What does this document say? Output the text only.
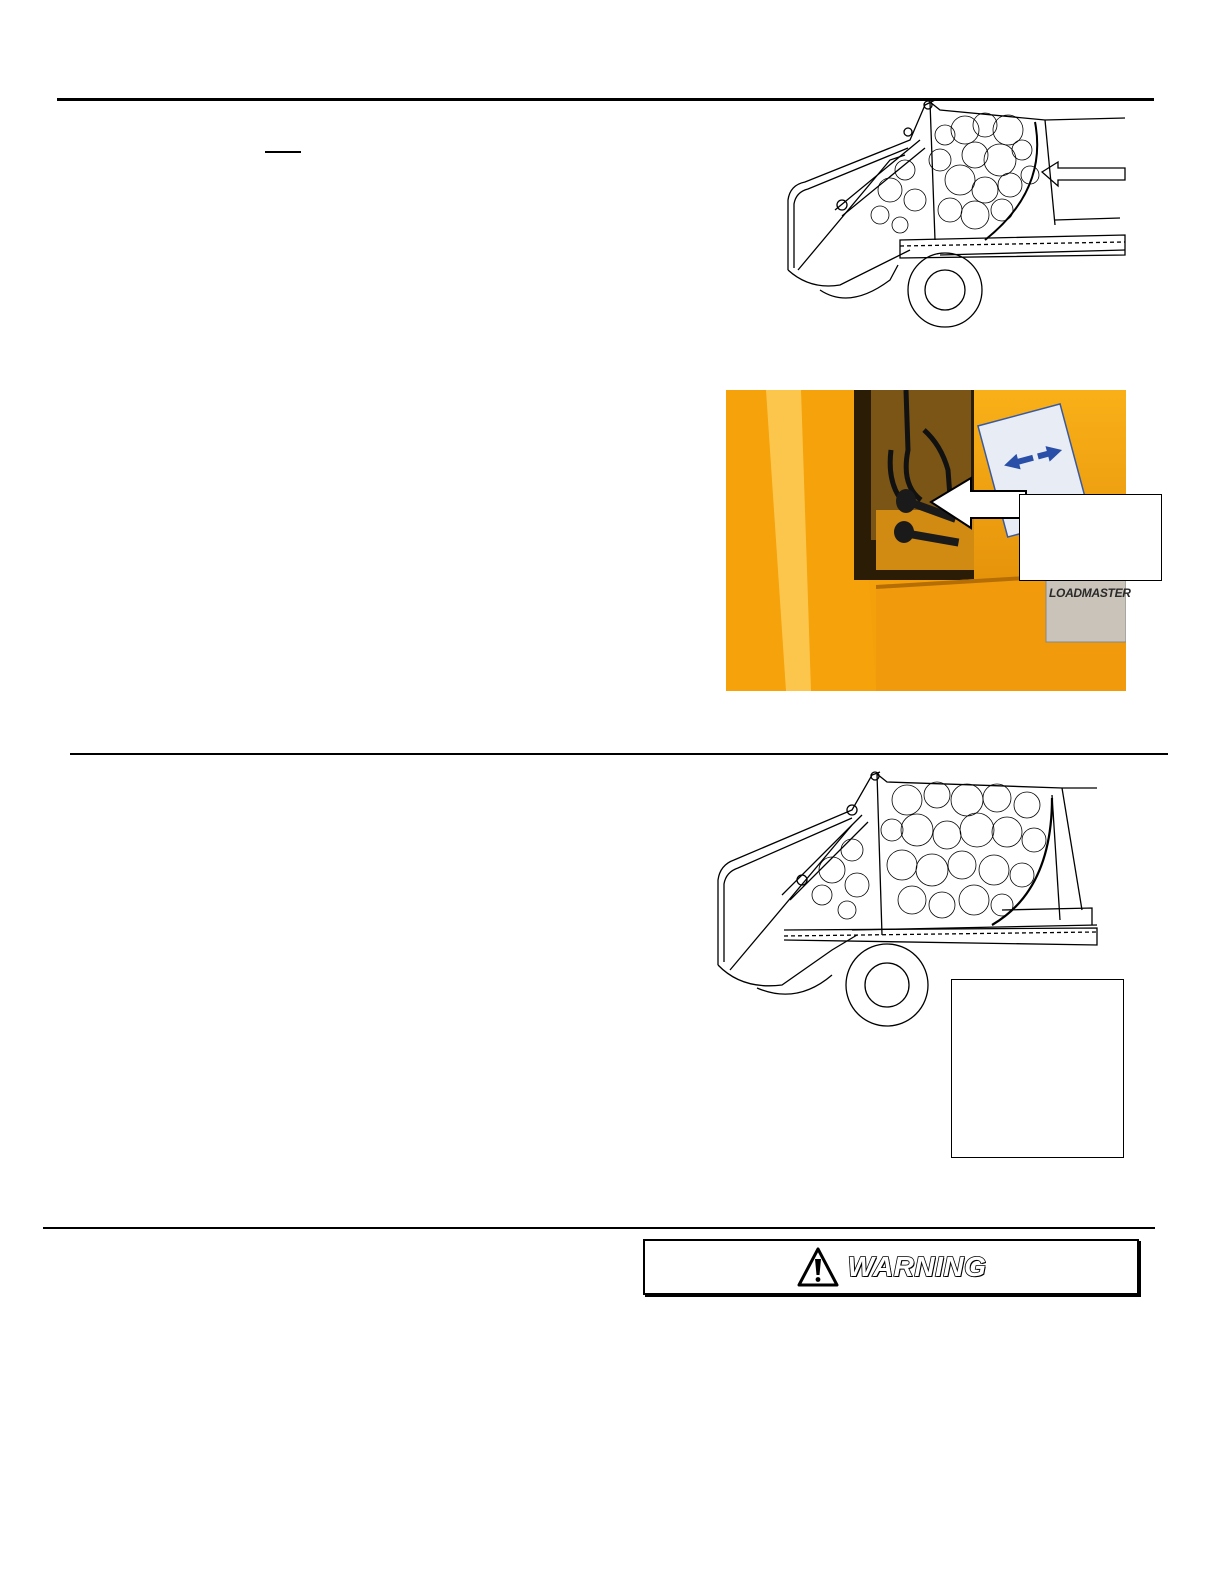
LOADMASTER
WARNING
